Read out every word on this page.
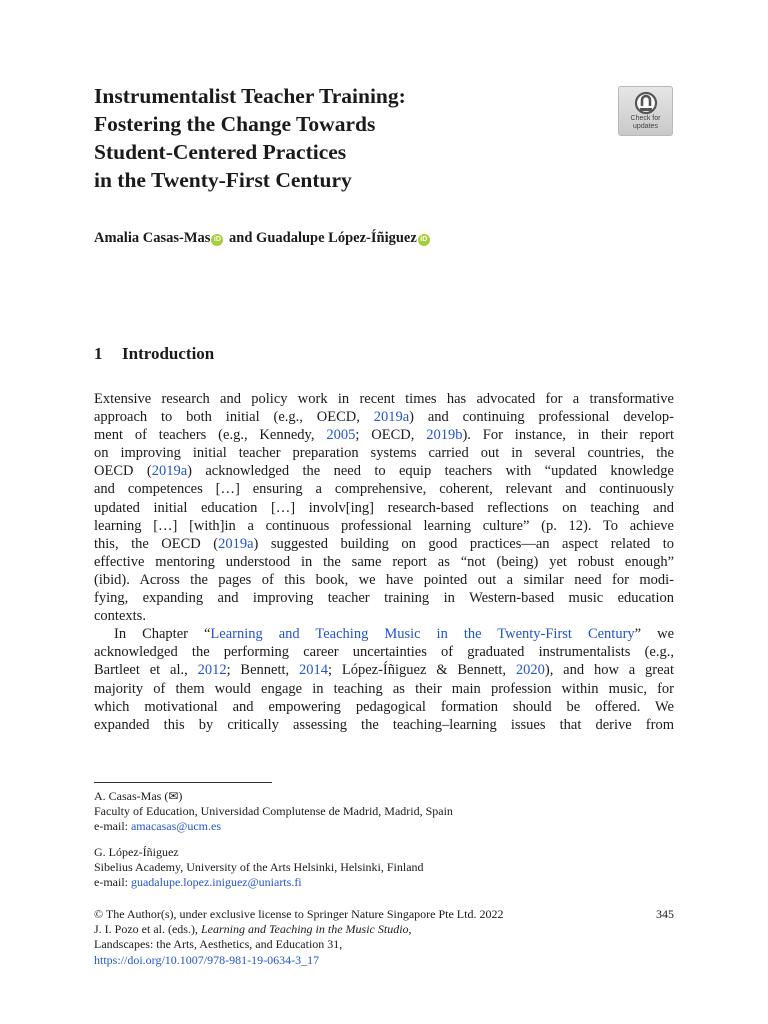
Instrumentalist Teacher Training:
Fostering the Change Towards
Student-Centered Practices
in the Twenty-First Century
Check for
updates
Amalia Casas-Mas iD and Guadalupe López-Íñiguez iD
1 Introduction
Extensive research and policy work in recent times has advocated for a transformative
approach to both initial (e.g., OECD, 2019a) and continuing professional develop-
ment of teachers (e.g., Kennedy, 2005; OECD, 2019b). For instance, in their report
on improving initial teacher preparation systems carried out in several countries, the
OECD (2019a) acknowledged the need to equip teachers with “updated knowledge
and competences […] ensuring a comprehensive, coherent, relevant and continuously
updated initial education […] involv[ing] research-based reflections on teaching and
learning […] [with]in a continuous professional learning culture” (p. 12). To achieve
this, the OECD (2019a) suggested building on good practices—an aspect related to
effective mentoring understood in the same report as “not (being) yet robust enough”
(ibid). Across the pages of this book, we have pointed out a similar need for modi-
fying, expanding and improving teacher training in Western-based music education
contexts.
In Chapter “Learning and Teaching Music in the Twenty-First Century” we
acknowledged the performing career uncertainties of graduated instrumentalists (e.g.,
Bartleet et al., 2012; Bennett, 2014; López-Íñiguez & Bennett, 2020), and how a great
majority of them would engage in teaching as their main profession within music, for
which motivational and empowering pedagogical formation should be offered. We
expanded this by critically assessing the teaching–learning issues that derive from
A. Casas-Mas (✉)
Faculty of Education, Universidad Complutense de Madrid, Madrid, Spain
e-mail: amacasas@ucm.es
G. López-Íñiguez
Sibelius Academy, University of the Arts Helsinki, Helsinki, Finland
e-mail: guadalupe.lopez.iniguez@uniarts.fi
© The Author(s), under exclusive license to Springer Nature Singapore Pte Ltd. 2022	345
J. I. Pozo et al. (eds.), Learning and Teaching in the Music Studio,
Landscapes: the Arts, Aesthetics, and Education 31,
https://doi.org/10.1007/978-981-19-0634-3_17
